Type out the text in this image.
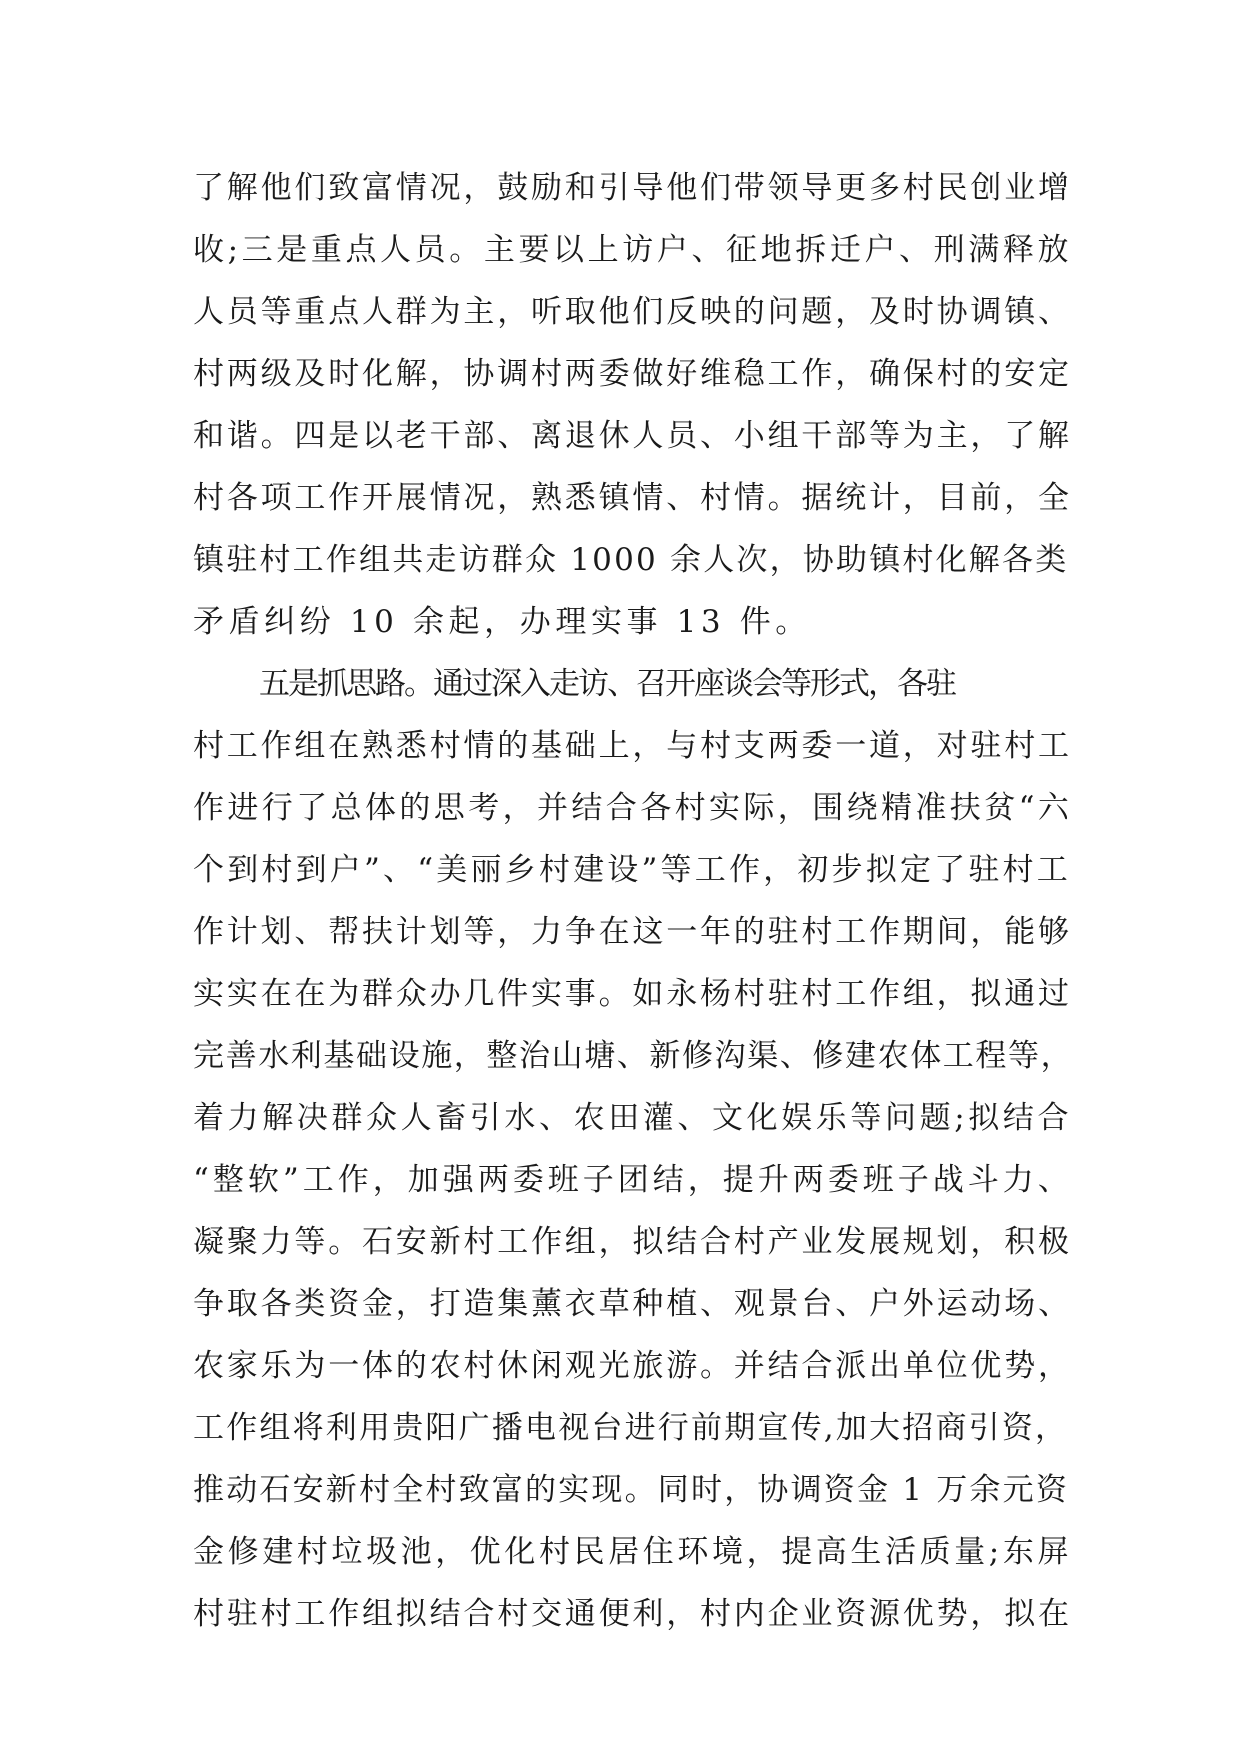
了解他们致富情况，鼓励和引导他们带领导更多村民创业增
收;三是重点人员。主要以上访户、征地拆迁户、刑满释放
人员等重点人群为主，听取他们反映的问题，及时协调镇、
村两级及时化解，协调村两委做好维稳工作，确保村的安定
和谐。四是以老干部、离退休人员、小组干部等为主，了解
村各项工作开展情况，熟悉镇情、村情。据统计，目前，全
镇驻村工作组共走访群众 1000 余人次，协助镇村化解各类
矛盾纠纷 10 余起，办理实事 13 件。
五是抓思路。通过深入走访、召开座谈会等形式，各驻
村工作组在熟悉村情的基础上，与村支两委一道，对驻村工
作进行了总体的思考，并结合各村实际，围绕精准扶贫“六
个到村到户”、“美丽乡村建设”等工作，初步拟定了驻村工
作计划、帮扶计划等，力争在这一年的驻村工作期间，能够
实实在在为群众办几件实事。如永杨村驻村工作组，拟通过
完善水利基础设施，整治山塘、新修沟渠、修建农体工程等，
着力解决群众人畜引水、农田灌、文化娱乐等问题;拟结合
“整软”工作，加强两委班子团结，提升两委班子战斗力、
凝聚力等。石安新村工作组，拟结合村产业发展规划，积极
争取各类资金，打造集薰衣草种植、观景台、户外运动场、
农家乐为一体的农村休闲观光旅游。并结合派出单位优势，
工作组将利用贵阳广播电视台进行前期宣传,加大招商引资，
推动石安新村全村致富的实现。同时，协调资金 1 万余元资
金修建村垃圾池，优化村民居住环境，提高生活质量;东屏
村驻村工作组拟结合村交通便利，村内企业资源优势，拟在
